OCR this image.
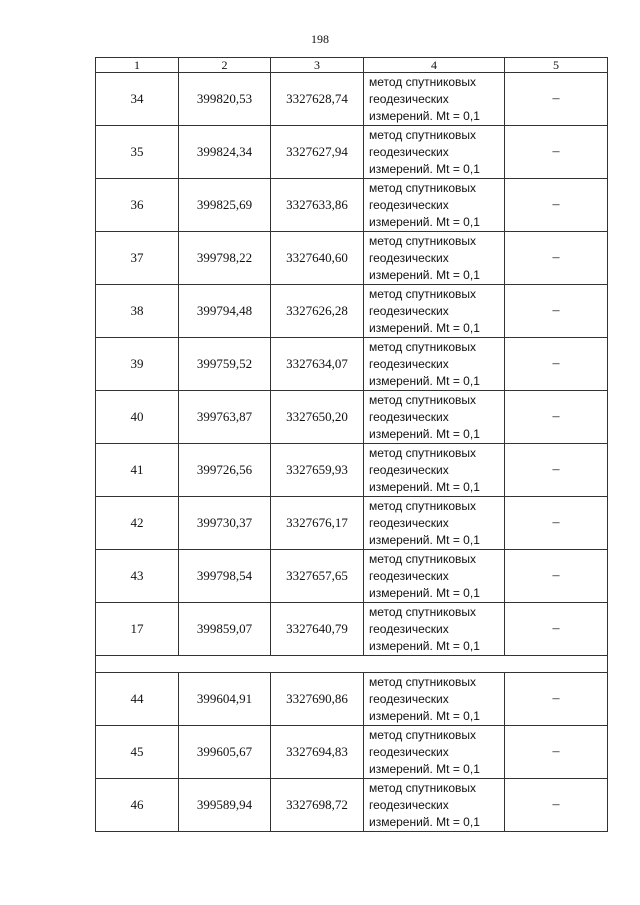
198
1	2	3	4	5
34	399820,53	3327628,74	метод спутниковых
геодезических
измерений. Mt = 0,1	–
35	399824,34	3327627,94	метод спутниковых
геодезических
измерений. Mt = 0,1	–
36	399825,69	3327633,86	метод спутниковых
геодезических
измерений. Mt = 0,1	–
37	399798,22	3327640,60	метод спутниковых
геодезических
измерений. Mt = 0,1	–
38	399794,48	3327626,28	метод спутниковых
геодезических
измерений. Mt = 0,1	–
39	399759,52	3327634,07	метод спутниковых
геодезических
измерений. Mt = 0,1	–
40	399763,87	3327650,20	метод спутниковых
геодезических
измерений. Mt = 0,1	–
41	399726,56	3327659,93	метод спутниковых
геодезических
измерений. Mt = 0,1	–
42	399730,37	3327676,17	метод спутниковых
геодезических
измерений. Mt = 0,1	–
43	399798,54	3327657,65	метод спутниковых
геодезических
измерений. Mt = 0,1	–
17	399859,07	3327640,79	метод спутниковых
геодезических
измерений. Mt = 0,1	–

44	399604,91	3327690,86	метод спутниковых
геодезических
измерений. Mt = 0,1	–
45	399605,67	3327694,83	метод спутниковых
геодезических
измерений. Mt = 0,1	–
46	399589,94	3327698,72	метод спутниковых
геодезических
измерений. Mt = 0,1	–
